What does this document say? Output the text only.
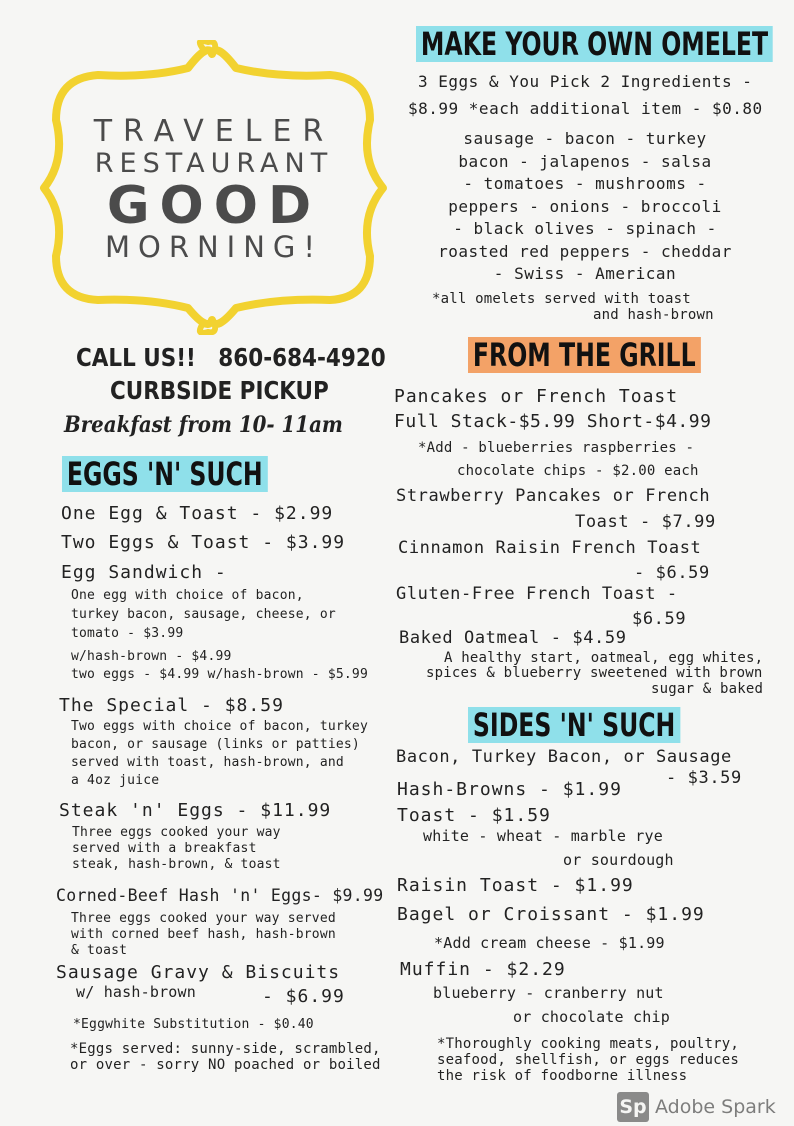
TRAVELER
RESTAURANT
GOOD
MORNING!
CALL US!!   860-684-4920
CURBSIDE PICKUP
Breakfast from 10- 11am
MAKE YOUR OWN OMELET
3 Eggs & You Pick 2 Ingredients -
$8.99 *each additional item - $0.80
sausage - bacon - turkey
bacon - jalapenos - salsa
- tomatoes - mushrooms -
peppers - onions - broccoli
- black olives - spinach -
roasted red peppers - cheddar
- Swiss - American
*all omelets served with toast
and hash-brown
FROM THE GRILL
Pancakes or French Toast
Full Stack-$5.99 Short-$4.99
*Add - blueberries raspberries -
chocolate chips - $2.00 each
Strawberry Pancakes or French
Toast - $7.99
Cinnamon Raisin French Toast
- $6.59
Gluten-Free French Toast -
$6.59
Baked Oatmeal - $4.59
A healthy start, oatmeal, egg whites,
spices & blueberry sweetened with brown
sugar & baked
SIDES 'N' SUCH
Bacon, Turkey Bacon, or Sausage
- $3.59
Hash-Browns - $1.99
Toast - $1.59
white - wheat - marble rye
or sourdough
Raisin Toast - $1.99
Bagel or Croissant - $1.99
*Add cream cheese - $1.99
Muffin - $2.29
blueberry - cranberry nut
or chocolate chip
*Thoroughly cooking meats, poultry,
seafood, shellfish, or eggs reduces
the risk of foodborne illness
EGGS 'N' SUCH
One Egg & Toast - $2.99
Two Eggs & Toast - $3.99
Egg Sandwich -
One egg with choice of bacon,
turkey bacon, sausage, cheese, or
tomato - $3.99
w/hash-brown - $4.99
two eggs - $4.99 w/hash-brown - $5.99
The Special - $8.59
Two eggs with choice of bacon, turkey
bacon, or sausage (links or patties)
served with toast, hash-brown, and
a 4oz juice
Steak 'n' Eggs - $11.99
Three eggs cooked your way
served with a breakfast
steak, hash-brown, & toast
Corned-Beef Hash 'n' Eggs- $9.99
Three eggs cooked your way served
with corned beef hash, hash-brown
& toast
Sausage Gravy & Biscuits
w/ hash-brown	- $6.99
*Eggwhite Substitution - $0.40
*Eggs served: sunny-side, scrambled,
or over - sorry NO poached or boiled
Sp Adobe Spark
